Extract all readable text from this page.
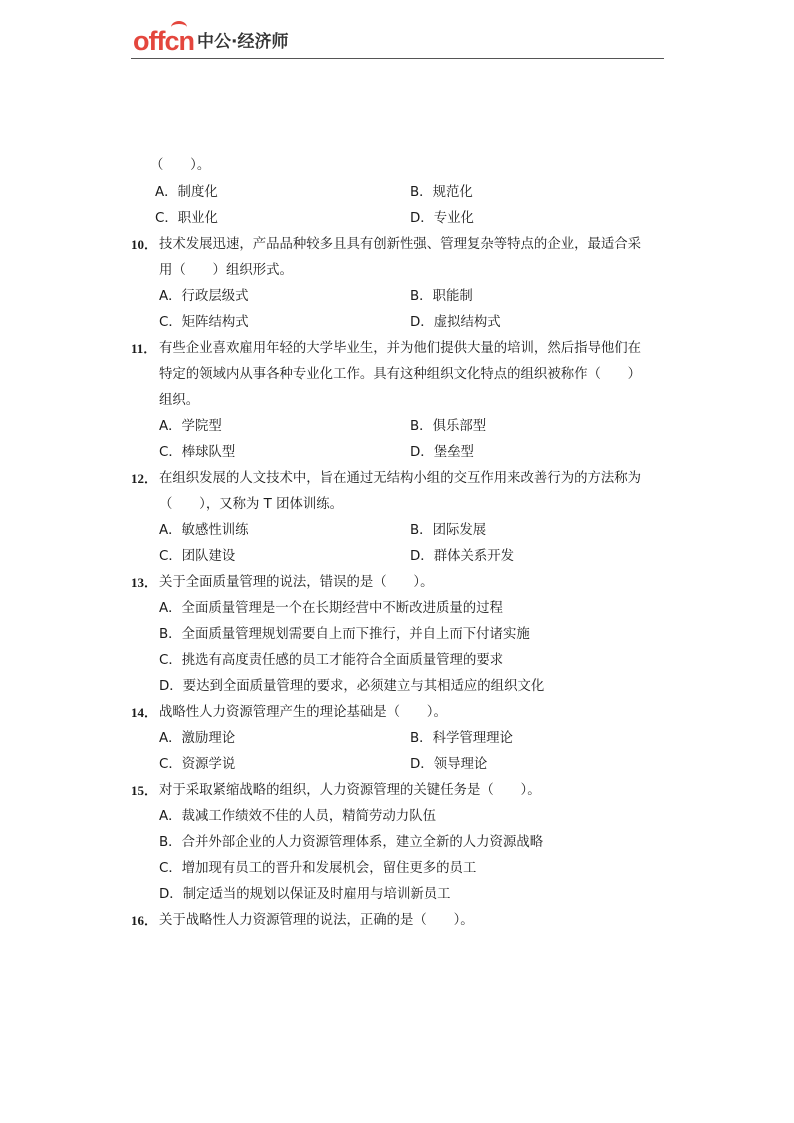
offcn 中公·经济师
（　　）。
A．制度化	B．规范化
C．职业化	D．专业化
10． 技术发展迅速，产品品种较多且具有创新性强、管理复杂等特点的企业，最适合采
用（　　）组织形式。
A．行政层级式	B．职能制
C．矩阵结构式	D．虚拟结构式
11． 有些企业喜欢雇用年轻的大学毕业生，并为他们提供大量的培训，然后指导他们在
特定的领域内从事各种专业化工作。具有这种组织文化特点的组织被称作（　　）
组织。
A．学院型	B．俱乐部型
C．棒球队型	D．堡垒型
12． 在组织发展的人文技术中，旨在通过无结构小组的交互作用来改善行为的方法称为
（　　），又称为 T 团体训练。
A．敏感性训练	B．团际发展
C．团队建设	D．群体关系开发
13． 关于全面质量管理的说法，错误的是（　　）。
A．全面质量管理是一个在长期经营中不断改进质量的过程
B．全面质量管理规划需要自上而下推行，并自上而下付诸实施
C．挑选有高度责任感的员工才能符合全面质量管理的要求
D．要达到全面质量管理的要求，必须建立与其相适应的组织文化
14． 战略性人力资源管理产生的理论基础是（　　）。
A．激励理论	B．科学管理理论
C．资源学说	D．领导理论
15． 对于采取紧缩战略的组织，人力资源管理的关键任务是（　　）。
A．裁减工作绩效不佳的人员，精简劳动力队伍
B．合并外部企业的人力资源管理体系，建立全新的人力资源战略
C．增加现有员工的晋升和发展机会，留住更多的员工
D．制定适当的规划以保证及时雇用与培训新员工
16． 关于战略性人力资源管理的说法，正确的是（　　）。
